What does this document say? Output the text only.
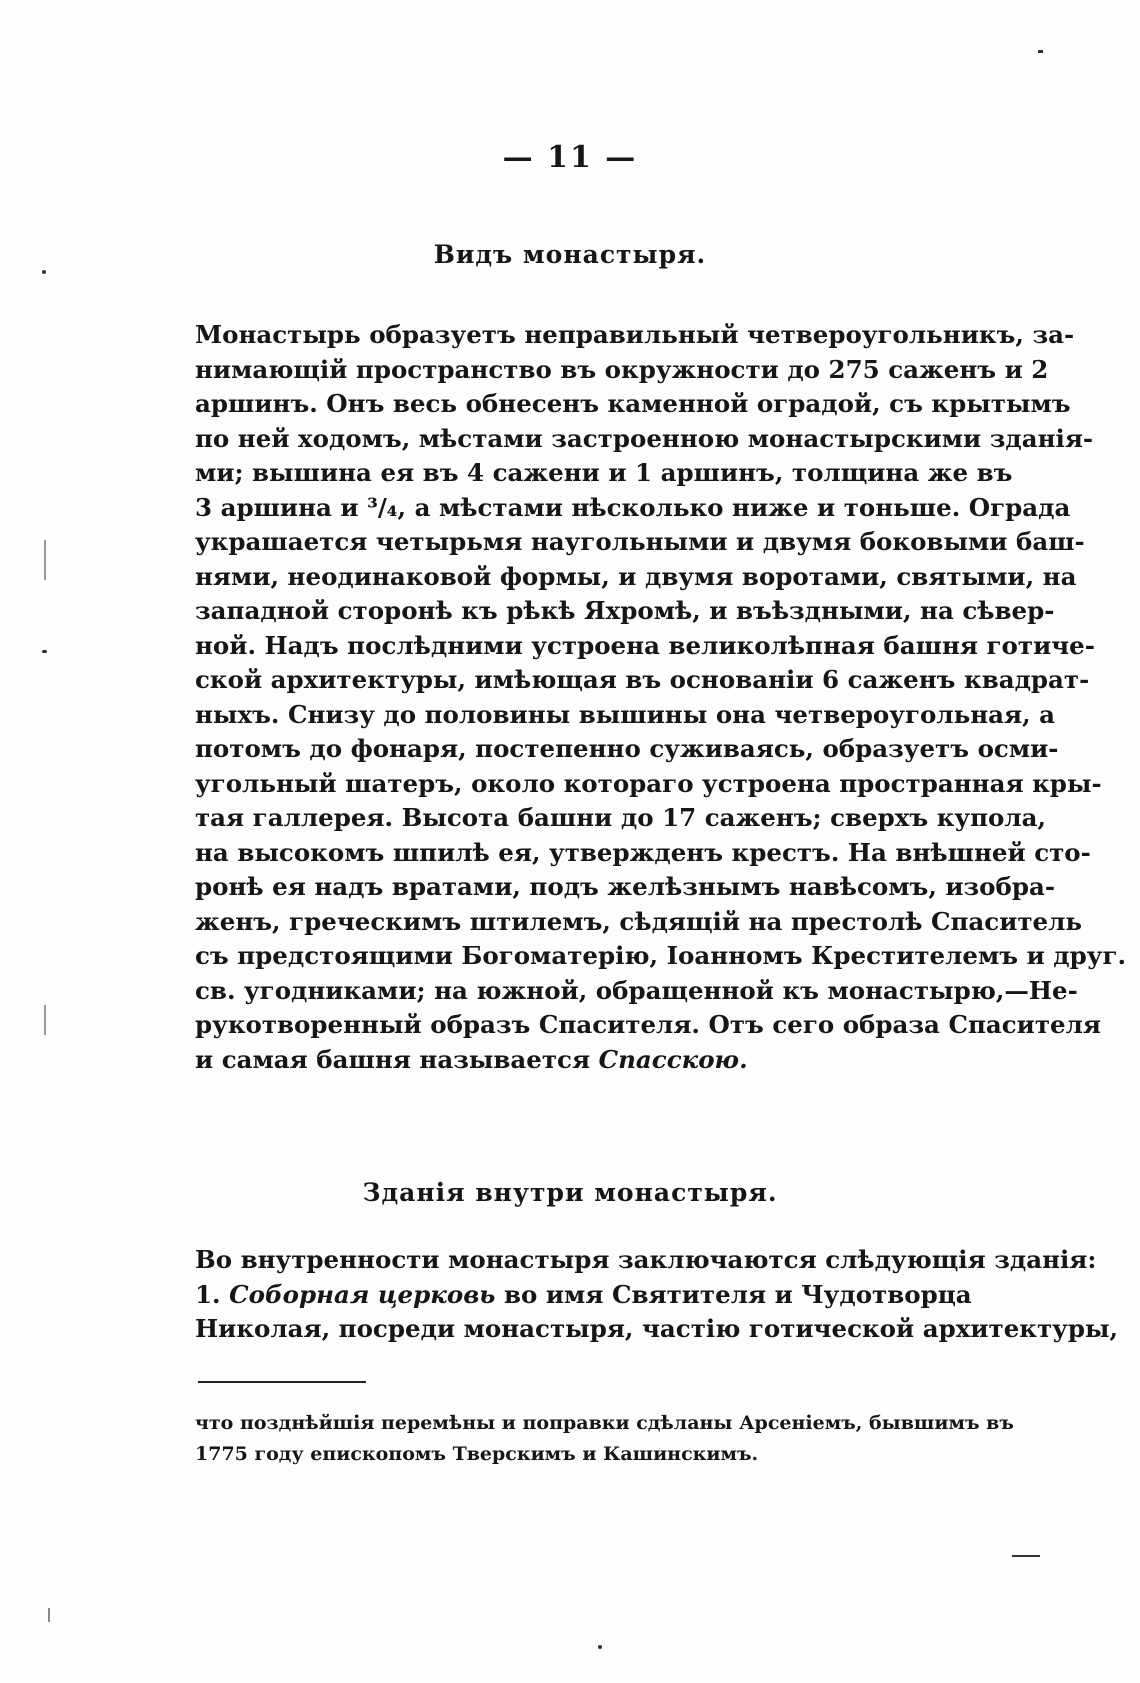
— 11 —
Видъ монастыря.
Монастырь образуетъ неправильный четвероугольникъ, за-
нимающій пространство въ окружности до 275 саженъ и 2
аршинъ. Онъ весь обнесенъ каменной оградой, съ крытымъ
по ней ходомъ, мѣстами застроенною монастырскими зданія-
ми; вышина ея въ 4 сажени и 1 аршинъ, толщина же въ
3 аршина и ³/₄, а мѣстами нѣсколько ниже и тоньше. Ограда
украшается четырьмя наугольными и двумя боковыми баш-
нями, неодинаковой формы, и двумя воротами, святыми, на
западной сторонѣ къ рѣкѣ Яхромѣ, и въѣздными, на сѣвер-
ной. Надъ послѣдними устроена великолѣпная башня готиче-
ской архитектуры, имѣющая въ основаніи 6 саженъ квадрат-
ныхъ. Снизу до половины вышины она четвероугольная, а
потомъ до фонаря, постепенно суживаясь, образуетъ осми-
угольный шатеръ, около котораго устроена пространная кры-
тая галлерея. Высота башни до 17 саженъ; сверхъ купола,
на высокомъ шпилѣ ея, утвержденъ крестъ. На внѣшней сто-
ронѣ ея надъ вратами, подъ желѣзнымъ навѣсомъ, изобра-
женъ, греческимъ штилемъ, сѣдящій на престолѣ Спаситель
съ предстоящими Богоматерію, Іоанномъ Крестителемъ и друг.
св. угодниками; на южной, обращенной къ монастырю,—Не-
рукотворенный образъ Спасителя. Отъ сего образа Спасителя
и самая башня называется Спасскою.
Зданія внутри монастыря.
Во внутренности монастыря заключаются слѣдующія зданія:
1. Соборная церковь во имя Святителя и Чудотворца
Николая, посреди монастыря, частію готической архитектуры,
что позднѣйшія перемѣны и поправки сдѣланы Арсеніемъ, бывшимъ въ
1775 году епископомъ Тверскимъ и Кашинскимъ.
